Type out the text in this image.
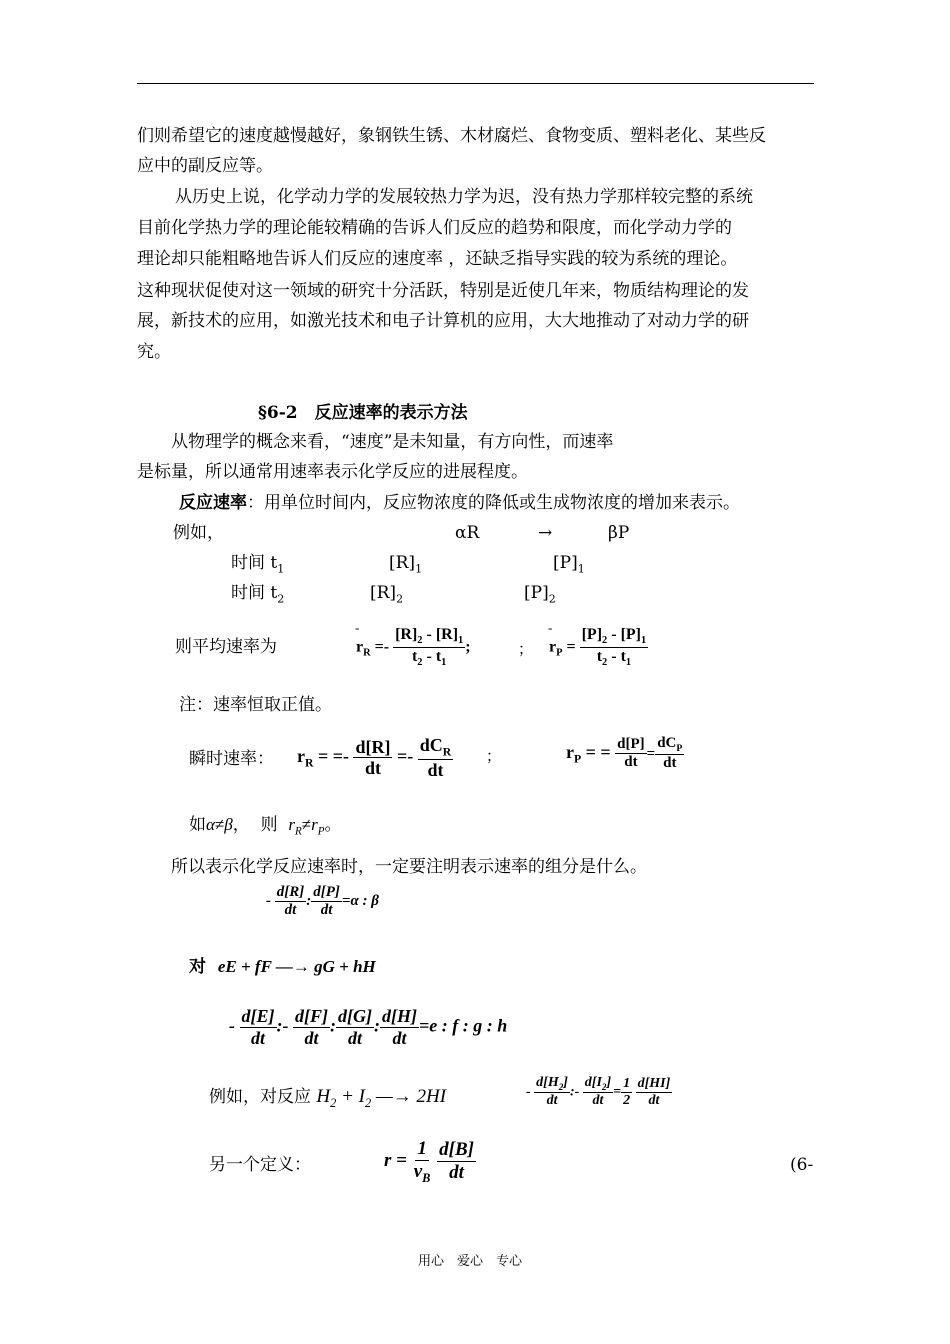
们则希望它的速度越慢越好，象钢铁生锈、木材腐烂、食物变质、塑料老化、某些反
应中的副反应等。
从历史上说，化学动力学的发展较热力学为迟，没有热力学那样较完整的系统
目前化学热力学的理论能较精确的告诉人们反应的趋势和限度，而化学动力学的
理论却只能粗略地告诉人们反应的速度率 ，还缺乏指导实践的较为系统的理论。
这种现状促使对这一领域的研究十分活跃，特别是近使几年来，物质结构理论的发
展，新技术的应用，如激光技术和电子计算机的应用，大大地推动了对动力学的研
究。
§6-2　反应速率的表示方法
从物理学的概念来看，“速度”是未知量，有方向性，而速率
是标量，所以通常用速率表示化学反应的进展程度。
反应速率：用单位时间内，反应物浓度的降低或生成物浓度的增加来表示。
例如，	αR	→	βP
时间 $t_1$	$[R]_1$	$[P]_1$
时间 $t_2$	$[R]_2$	$[P]_2$
则平均速率为
-
$r_R =- \frac{[R]_2 - [R]_1}{t_2 - t_1}$ ;	；
-
$r_P = \frac{[P]_2 - [P]_1}{t_2 - t_1}$
注：速率恒取正值。
瞬时速率： $r_R$ = =- $\frac{d[R]}{dt} =- \frac{dC_R}{dt}$ ；	$r_P$ = = $\frac{d[P]}{dt} = \frac{dC_P}{dt}$
如α≠β， 则 $r_R\ne r_P$。
所以表示化学反应速率时，一定要注明表示速率的组分是什么。
- $\frac{d[R]}{dt}$ : $\frac{d[P]}{dt} =\alpha$ : β
对 eE + fF —→ gG + hH
- $\frac{d[E]}{dt}$ :- $\frac{d[F]}{dt}$ : $\frac{d[G]}{dt}$ : $\frac{d[H]}{dt} =e$ : f : g : h
例如，对反应 $H_2 + I_2$ —→ 2HI	- $\frac{d[H_2]}{dt}$ :- $\frac{d[I_2]}{dt} = \frac{1}{2}$
$\frac{d[HI]}{dt}$
另一个定义：	$r = \frac{1}{v_B}$
$\frac{d[B]}{dt}$	(6-
用心　爱心　专心
